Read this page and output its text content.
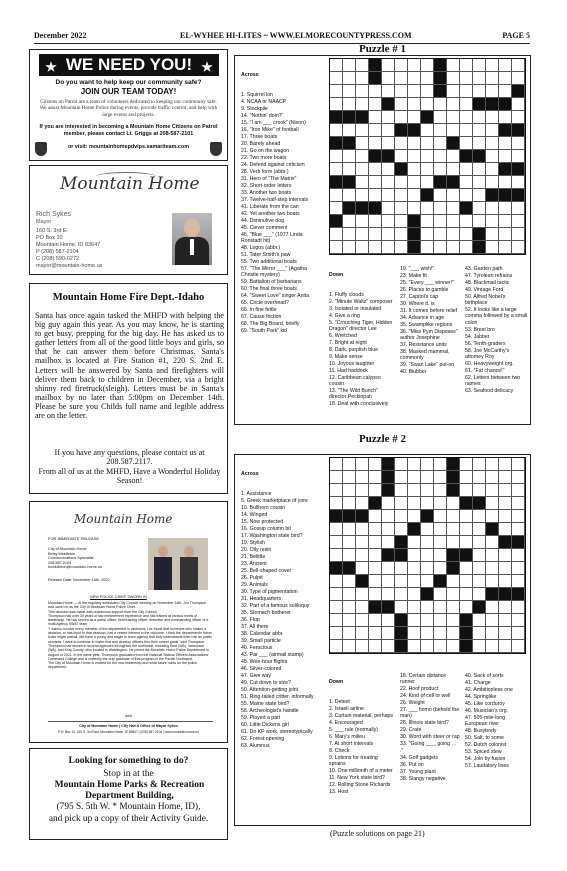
December 2022	EL-WYHEE HI-LITES ~ WWW.ELMORECOUNTYPRESS.COM	PAGE 5
WE NEED YOU!
Do you want to help keep our community safe?
JOIN OUR TEAM TODAY!
Citizens on Patrol are a team of volunteers dedicated to keeping our community safe. We assist Mountain Home Police during events, provide traffic control, and help with large events and projects.
If you are interested in becoming a Mountain Home Citizens on Patrol member, please contact Lt. Griggs at 208-587-2101
or visit: mountainhomepdvips.samariteam.com
Mountain Home
Rich Sykes
Mayor
160 S. 3rd E.
PO Box 10
Mountain Home, ID 83647
P (208) 587-2104
C (208) 590-0272
mayor@mountain-home.us
Mountain Home Fire Dept.-Idaho
Santa has once again tasked the MHFD with helping the big guy again this year. As you may know, he is starting to get busy, prepping for the big day. He has asked us to gather letters from all of the good little boys and girls, so that he can answer them before Christmas. Santa's mailbox is located at Fire Station #1, 220 S. 2nd E. Letters will be answered by Santa and firefighters will deliver them back to children in December, via a bright shinny red firetruck(sleigh). Letters must be in Santa's mailbox by no later than 5:00pm on December 14th. Please be sure you Childs full name and legible address are on the letter.
If you have any questions, please contact us at 208.587.2117.
From all of us at the MHFD, Have a Wonderful Holiday Season!
Mountain Home
FOR IMMEDIATE RELEASE
City of Mountain Home
Betsy Middleton
Communications Specialist
208.587.2104
bmiddleton@mountain-home.us
Release Date: November 16th, 2022
NEW POLICE CHIEF SWORN IN
Mountain Home — At the regularly scheduled City Council meeting on November 14th, Jon Thompson was sworn in as the City of Mountain Home Police Chief.
This decision was made with unanimous support from the City Council.
Thompson has over 30 years of law enforcement experience and has trained at various levels of leadership. He has served as a patrol officer, field training officer, detective and commanding officer of a multi-agency SWAT team.
"I want to involve every member of the department in decisions. I've found that someone who makes a decision, or has input to that decision, has a vested interest in the outcome. I think the department's future looks bright overall. We have a young and eager to learn agency that truly understands their role as public servants. I want to continue to foster that and develop officers thru their career goals" said Thompson.
Thompson has served in several agencies throughout the northwest, including Kent (WA), Vancouver (WA), and King County, also located in Washington. He joined the Mountain Home Police Department in August of 2021. In the same year, Thompson graduated from the National Tactical Officers Associations' Command College and is currently the only graduate of that program in the Pacific Northwest.
The City of Mountain Home is excited for the new leadership and what future holds for the police department.
###
City of Mountain Home | City Hall & Office of Mayor Sykes
P.O. Box 10, 160 S. 3rd East, Mountain Home, ID 83647 | (208) 587-2104 | www.mountain-home.us
Looking for something to do?
Stop in at the
Mountain Home Parks & Recreation Department Building,
(795 S. 5th W. * Mountain Home, ID),
and pick up a copy of their Activity Guide.
Puzzle # 1

Across

1. Squirrel kin
4. NCAA or NAACP
9. Stockpile
14. "Nothin' doin'!"
15. "I am ___ crook" (Nixon)
16. "Iron Mike" of football
17. Three boats
20. Barely ahead
21. Go on the wagon
22. Two more boats
24. Defend against criticism
28. Verb form (abbr.)
31. Hero of "The Matrix"
32. Short-order letters
33. Another two boats
37. Twelve-half-step intervals
41. Liberate from the can
42. Yet another two boats
44. Diminutive dog
45. Clever comment
46. "Blue ___" (1977 Linda Ronstadt hit)
48. Logos (abbr.)
51. Tater Smith's paw
55. Two additional boats
57. "The Mirror ___" (Agatha Christie mystery)
59. Battalion of barbarians
60. The final three boats
64. "Sweet Love" singer Anita
65. Circle overhead?
66. In fine fettle
67. Cause friction
68. The Big Board, briefly
69. "South Park" kid

Down

1. Fluffy clouds
2. "Minute Waltz" composer
3. Isolated or insulated
4. Give a ring
5. "Crouching Tiger, Hidden Dragon" director Lee
6. Wretched
7. Bright at night
8. Dark, purplish blue
9. Make sense
10. Joyous laughter
11. Had haddock
12. Caribbean calypso cousin
13. "The Wild Bunch" director Peckinpah
18. Deal with conclusively

19. "___ wish!"
23. Make fit
25. "Every ___ winner!"
26. Places to gamble
27. Capitol's cap
30. Where it. is
31. It comes before relief
34. Advance in age
35. Swamplike regions
36. "Miss Pym Disposes" author Josephine
37. Resistance units
38. Masked mammal, commonly
39. "Swan Lake" put-on
40. Blubber
43. Garden path
47. Tyrolean refrains
48. Blackmail tactic
49. Vintage Ford
50. Alfred Nobel's birthplace
52. It looks like a large comma followed by a small colon
53. Brest bro
54. Jabber
56. Tenth-graders
58. Joe McCarthy's attorney Roy
60. Heavyweight org.
61. "Fat chance!"
62. Letters between two names
63. Seafood delicacy
Puzzle # 2

Across

1. Assistance
5. Greek marketplace of yore
10. Bullhorn cousin
14. Winged
15. Now protected
16. Gossip column bit
17. Washington state bird?
19. Stylish
20. Oily resin
21. Belittle
23. Ancient
25. Bell-shaped cover
26. Pulpit
29. Animals
30. Type of pigmentation
31. Headquarters
32. Part of a famous soliloquy
35. Stomach botherer
36. Flop
37. All there
38. Calendar abbr.
39. Small particle
40. Ferocious
43. Par ___ (airmail stamp)
45. Wee-hour flights
46. Silver-colored
47. Give way
49. Cut down to size?
50. Attention-getting joint
51. Ring-tailed critter, informally
55. Maine state bird?
58. Archeologist's handle
59. Played a part
60. Little Dickens girl
61. Do KP work, stereotypically
62. Forest opening
63. Alumnus

Down

1. Detest
2. Israeli airline
3. Curtain material, perhaps
4. Encouraged
5. ___ rule (normally)
6. Mary's milieu
7. At short intervals
8. Check
9. Lotions for treating sprains
10. One millionth of a meter
11. New York state bird?
12. Rolling Stone Richards
13. Host

18. Certain distance runner
22. Hoof product
24. Kind of cell or well
26. Weight
27. ___ homo (behold the man)
28. Illinois state bird?
29. Crate
30. Word with steer or rap
33. "Going ___, going . . ."
34. Golf gadgets
36. Put on
37. Young plant
38. Slangy negative
40. Sack of sorts
41. Charge
42. Ambitionless one
44. Springlike
45. Like corduroy
46. Musician's org.
47. 505-mile-long European river
48. Busybody
50. Salt, to some
52. Dutch colonist
53. Spiced stew
54. Join by fusion
57. Laudatory lines
(Puzzle solutions on page 21)
